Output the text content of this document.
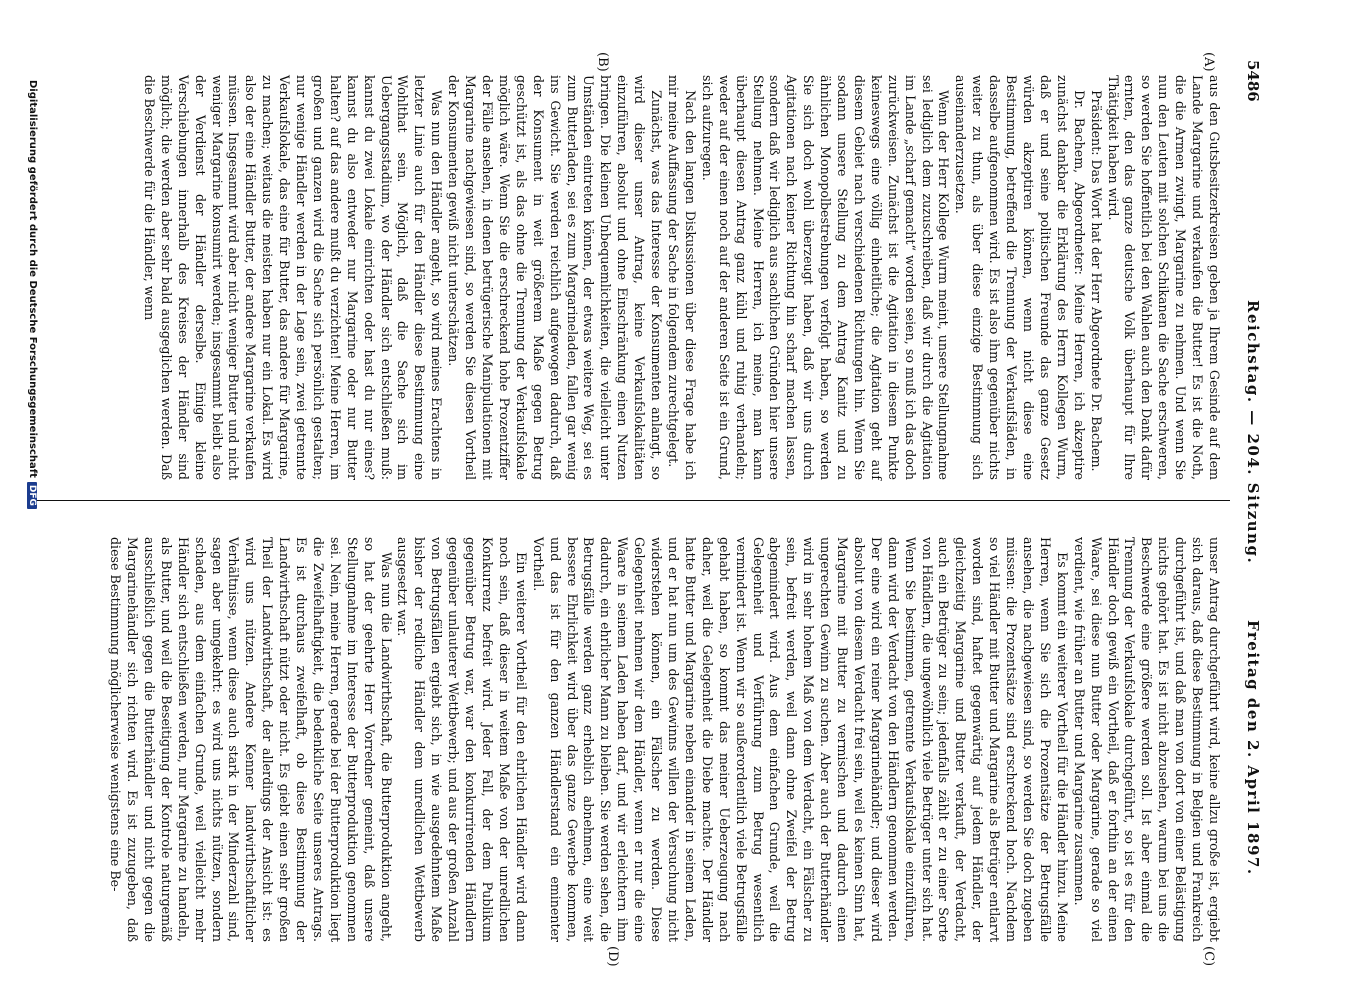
5486
Reichstag. — 204. Sitzung.
Freitag den 2. April 1897.
(A)
(B)
(C)
(D)

aus den Gutsbesitzerkreisen geben ja Ihrem Gesinde auf dem Lande Margarine und verkaufen die Butter! Es ist die Noth, die die Armen zwingt, Margarine zu nehmen. Und wenn Sie nun den Leuten mit solchen Schikanen die Sache erschweren, so werden Sie hoffentlich bei den Wahlen auch den Dank dafür ernten, den das ganze deutsche Volk überhaupt für Ihre Thätigkeit haben wird.

Präsident: Das Wort hat der Herr Abgeordnete Dr. Bachem.

Dr. Bachem, Abgeordneter: Meine Herren, ich akzeptire zunächst dankbar die Erklärung des Herrn Kollegen Wurm, daß er und seine politischen Freunde das ganze Gesetz würden akzeptiren können, wenn nicht diese eine Bestimmung, betreffend die Trennung der Verkaufsläden, in dasselbe aufgenommen wird. Es ist also ihm gegenüber nichts weiter zu thun, als über diese einzige Bestimmung sich auseinanderzusetzen.

Wenn der Herr Kollege Wurm meint, unsere Stellungnahme sei lediglich dem zuzuschreiben, daß wir durch die Agitation im Lande „scharf gemacht“ worden seien, so muß ich das doch zurückweisen. Zunächst ist die Agitation in diesem Punkte keineswegs eine völlig einheitliche; die Agitation geht auf diesem Gebiet nach verschiedenen Richtungen hin. Wenn Sie sodann unsere Stellung zu dem Antrag Kanitz und zu ähnlichen Monopolbestrebungen verfolgt haben, so werden Sie sich doch wohl überzeugt haben, daß wir uns durch Agitationen nach keiner Richtung hin scharf machen lassen, sondern daß wir lediglich aus sachlichen Gründen hier unsere Stellung nehmen. Meine Herren, ich meine, man kann überhaupt diesen Antrag ganz kühl und ruhig verhandeln; weder auf der einen noch auf der anderen Seite ist ein Grund, sich aufzuregen.

Nach den langen Diskussionen über diese Frage habe ich mir meine Auffassung der Sache in folgendem zurechtgelegt.

Zunächst, was das Interesse der Konsumenten anlangt, so wird dieser unser Antrag, keine Verkaufslokalitäten einzuführen, absolut und ohne Einschränkung einen Nutzen bringen. Die kleinen Unbequemlichkeiten, die vielleicht unter Umständen eintreten können, der etwas weitere Weg, sei es zum Butterladen, sei es zum Margarineladen, fallen gar wenig ins Gewicht. Sie werden reichlich aufgewogen dadurch, daß der Konsument in weit größerem Maße gegen Betrug geschützt ist, als das ohne die Trennung der Verkaufslokale möglich wäre. Wenn Sie die erschreckend hohe Prozentziffer der Fälle ansehen, in denen betrügerische Manipulationen mit Margarine nachgewiesen sind, so werden Sie diesen Vortheil der Konsumenten gewiß nicht unterschätzen.

Was nun den Händler angeht, so wird meines Erachtens in letzter Linie auch für den Händler diese Bestimmung eine Wohlthat sein. Möglich, daß die Sache sich im Uebergangsstadium, wo der Händler sich entschließen muß: kannst du zwei Lokale einrichten oder hast du nur eines? kannst du also entweder nur Margarine oder nur Butter halten? auf das andere mußt du verzichten! Meine Herren, im großen und ganzen wird die Sache sich persönlich gestalten; nur wenige Händler werden in der Lage sein, zwei getrennte Verkaufslokale, das eine für Butter, das andere für Margarine, zu machen; weitaus die meisten haben nur ein Lokal. Es wird also der eine Händler Butter, der andere Margarine verkaufen müssen. Insgesammt wird aber nicht weniger Butter und nicht weniger Margarine konsumirt werden; insgesammt bleibt also der Verdienst der Händler derselbe. Einige kleine Verschiebungen innerhalb des Kreises der Händler sind möglich; die werden aber sehr bald ausgeglichen werden. Daß die Beschwerde für die Händler, wenn

unser Antrag durchgeführt wird, keine allzu große ist, ergiebt sich daraus, daß diese Bestimmung in Belgien und Frankreich durchgeführt ist, und daß man von dort von einer Belästigung nichts gehört hat. Es ist nicht abzusehen, warum bei uns die Beschwerde eine größere werden soll. Ist aber einmal die Trennung der Verkaufslokale durchgeführt, so ist es für den Händler doch gewiß ein Vortheil, daß er forthin an der einen Waare, sei diese nun Butter oder Margarine, gerade so viel verdient, wie früher an Butter und Margarine zusammen.

Es kommt ein weiterer Vortheil für die Händler hinzu. Meine Herren, wenn Sie sich die Prozentsätze der Betrugsfälle ansehen, die nachgewiesen sind, so werden Sie doch zugeben müssen: die Prozentsätze sind erschreckend hoch. Nachdem so viel Händler mit Butter und Margarine als Betrüger entlarvt worden sind, haftet gegenwärtig auf jedem Händler, der gleichzeitig Margarine und Butter verkauft, der Verdacht, auch ein Betrüger zu sein; jedenfalls zählt er zu einer Sorte von Händlern, die ungewöhnlich viele Betrüger unter sich hat. Wenn Sie bestimmen, getrennte Verkaufslokale einzuführen, dann wird der Verdacht von den Händlern genommen werden. Der eine wird ein reiner Margarinehändler; und dieser wird absolut von diesem Verdacht frei sein, weil es keinen Sinn hat, Margarine mit Butter zu vermischen und dadurch einen ungerechten Gewinn zu suchen. Aber auch der Butterhändler wird in sehr hohem Maß von dem Verdacht, ein Fälscher zu sein, befreit werden, weil dann ohne Zweifel der Betrug abgemindert wird. Aus dem einfachen Grunde, weil die Gelegenheit und Verführung zum Betrug wesentlich vermindert ist. Wenn wir so außerordentlich viele Betrugsfälle gehabt haben, so kommt das meiner Ueberzeugung nach daher, weil die Gelegenheit die Diebe machte. Der Händler hatte Butter und Margarine neben einander in seinem Laden, und er hat nun um des Gewinns willen der Versuchung nicht widerstehen können, ein Fälscher zu werden. Diese Gelegenheit nehmen wir dem Händler, wenn er nur die eine Waare in seinem Laden haben darf, und wir erleichtern ihm dadurch, ein ehrlicher Mann zu bleiben. Sie werden sehen, die Betrugsfälle werden ganz erheblich abnehmen, eine weit bessere Ehrlichkeit wird über das ganze Gewerbe kommen, und das ist für den ganzen Händlerstand ein eminenter Vortheil.

Ein weiterer Vortheil für den ehrlichen Händler wird dann noch sein, daß dieser in weitem Maße von der unredlichen Konkurrenz befreit wird. Jeder Fall, der dem Publikum gegenüber Betrug war, war den konkurrirenden Händlern gegenüber unlauterer Wettbewerb; und aus der großen Anzahl von Betrugsfällen ergiebt sich, in wie ausgedehntem Maße bisher der redliche Händler dem unredlichen Wettbewerb ausgesetzt war.

Was nun die Landwirthschaft, die Butterproduktion angeht, so hat der geehrte Herr Vorredner gemeint, daß unsere Stellungnahme im Interesse der Butterproduktion genommen sei. Nein, meine Herren, gerade bei der Butterproduktion liegt die Zweifelhaftigkeit, die bedenkliche Seite unseres Antrags. Es ist durchaus zweifelhaft, ob diese Bestimmung der Landwirthschaft nützt oder nicht. Es giebt einen sehr großen Theil der Landwirthschaft, der allerdings der Ansicht ist: es wird uns nützen. Andere Kenner landwirthschaftlicher Verhältnisse, wenn diese auch stark in der Minderzahl sind, sagen aber umgekehrt: es wird uns nichts nützen, sondern schaden, aus dem einfachen Grunde, weil vielleicht mehr Händler sich entschließen werden, nur Margarine zu handeln, als Butter, und weil die Beseitigung der Kontrole naturgemäß ausschließlich gegen die Butterhändler und nicht gegen die Margarinehändler sich richten wird. Es ist zuzugeben, daß diese Bestimmung möglicherweise wenigstens eine Be-

Digitalisierung gefördert durch die Deutsche ForschungsgemeinschaftDFG
